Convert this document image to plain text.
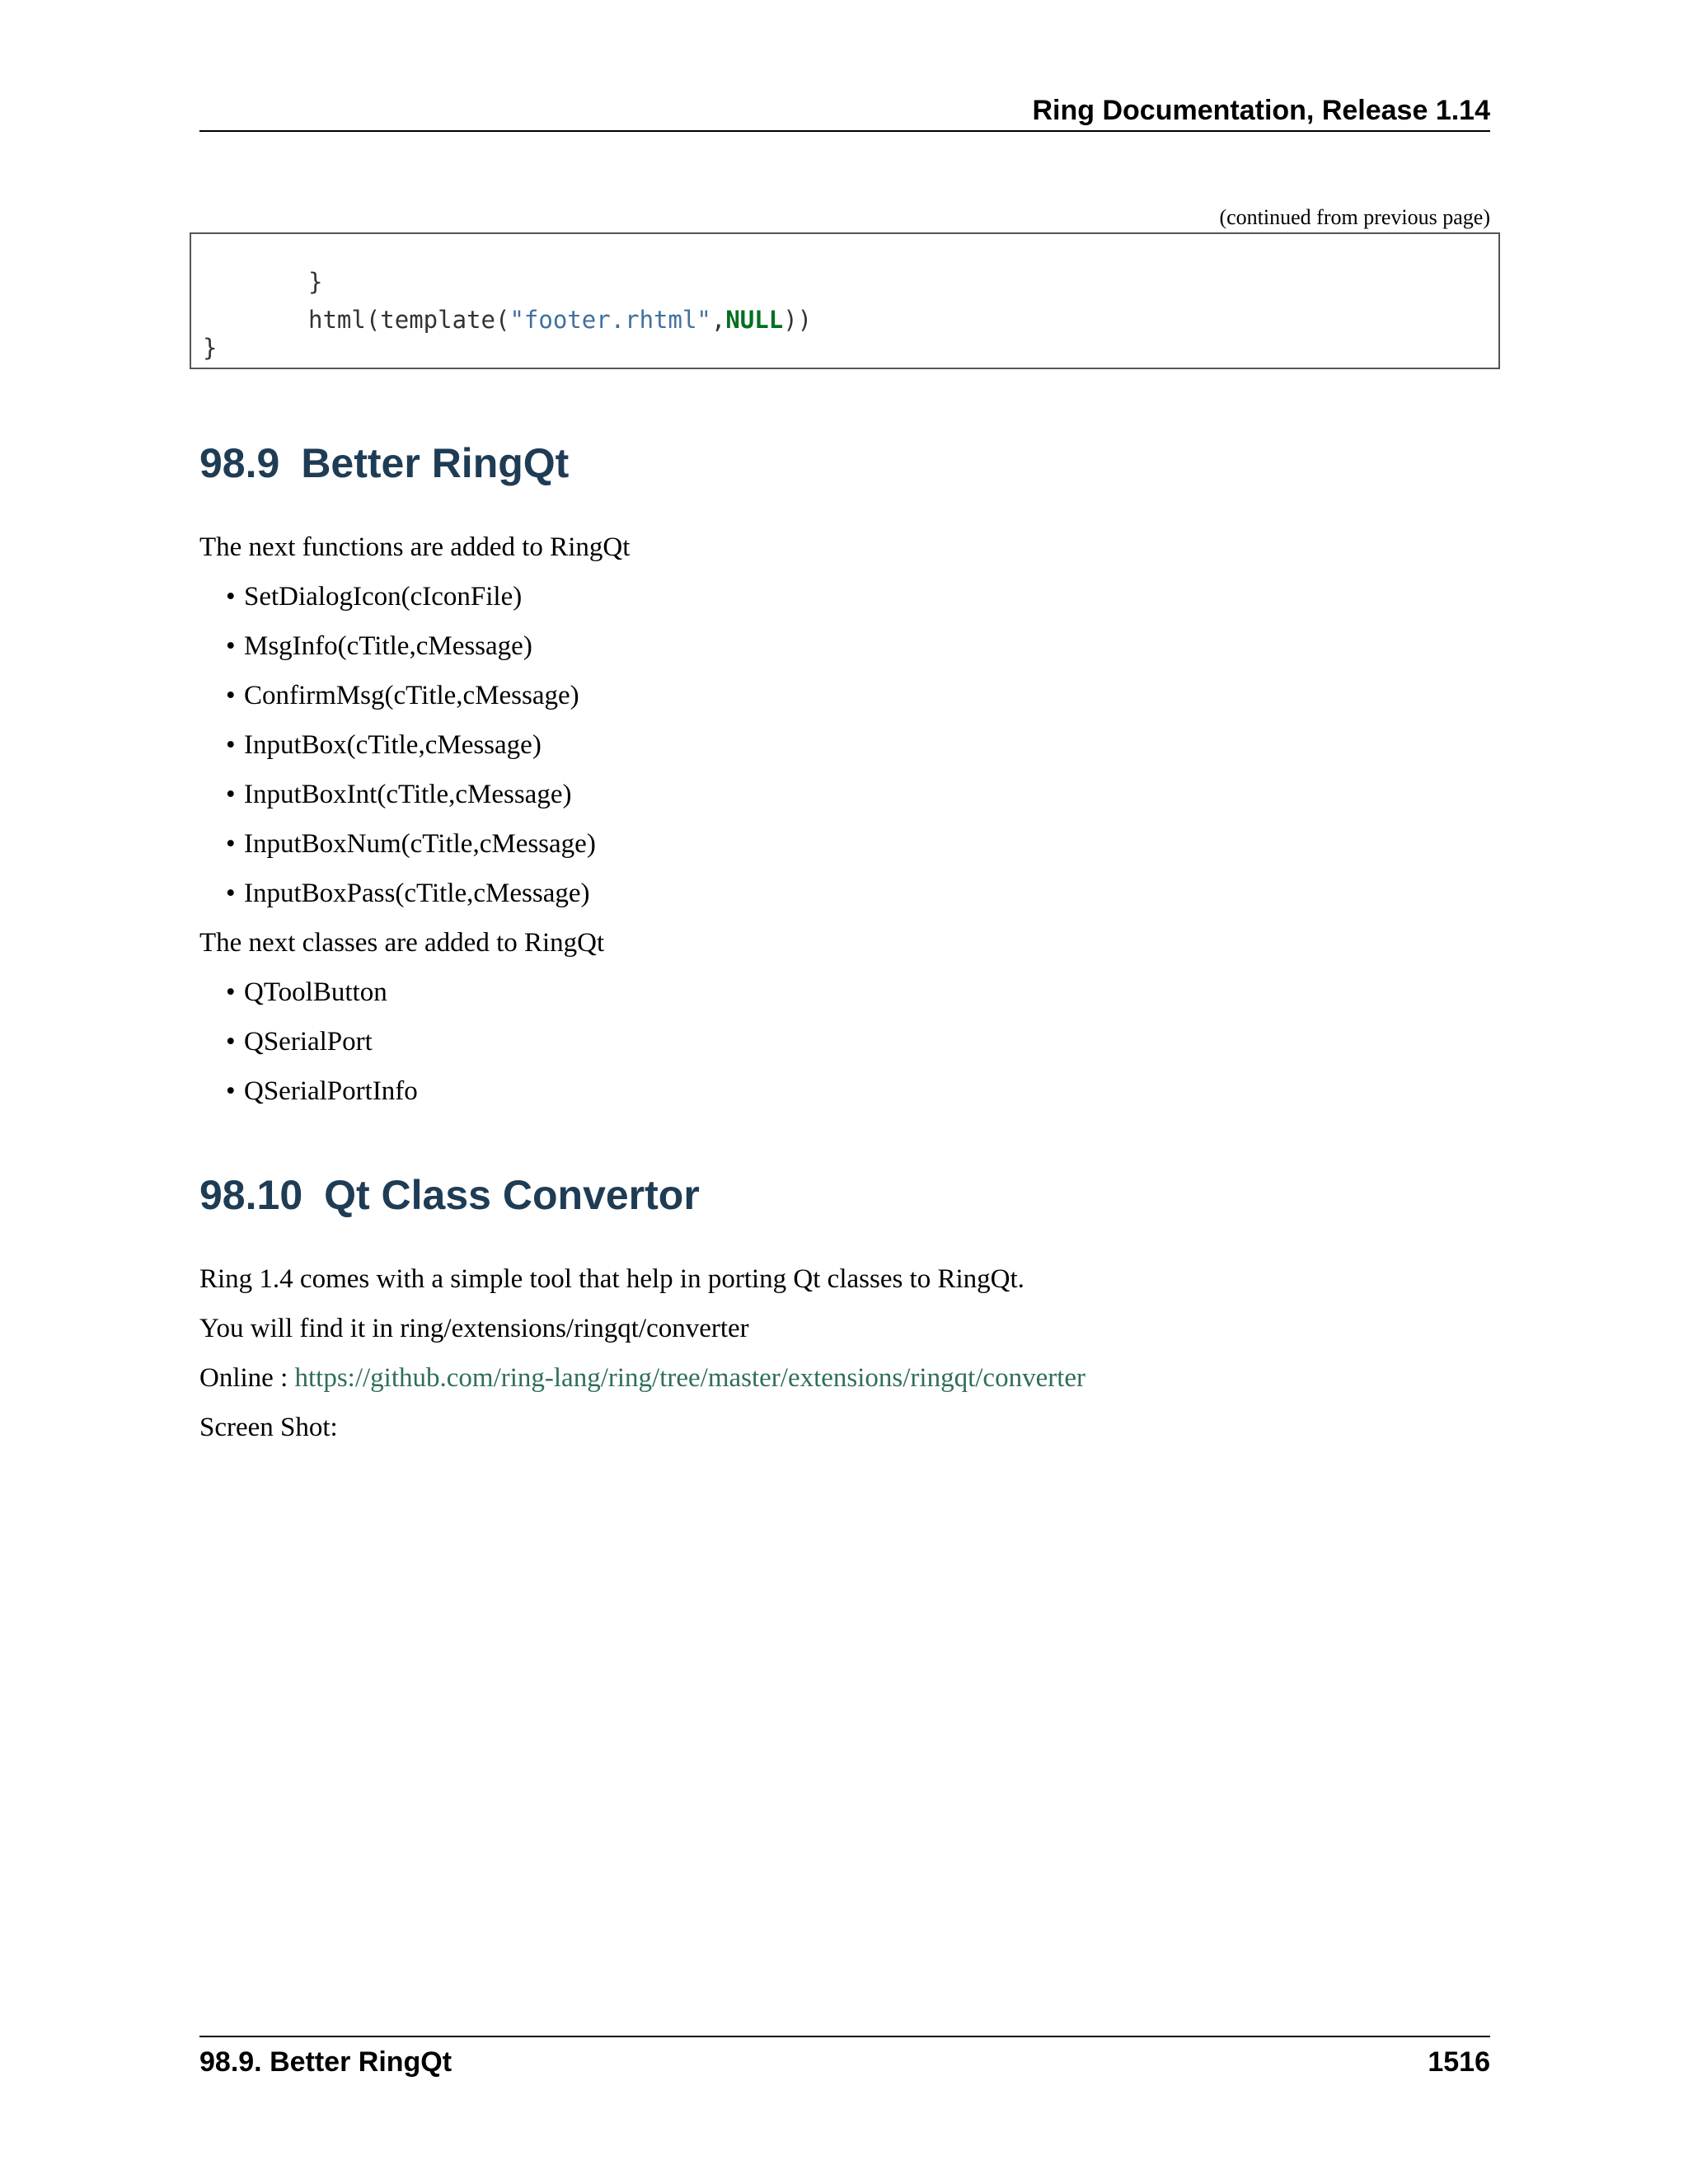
Ring Documentation, Release 1.14
(continued from previous page)
}
html(template("footer.rhtml",NULL))
}
98.9 Better RingQt

The next functions are added to RingQt

• SetDialogIcon(cIconFile)
• MsgInfo(cTitle,cMessage)
• ConfirmMsg(cTitle,cMessage)
• InputBox(cTitle,cMessage)
• InputBoxInt(cTitle,cMessage)
• InputBoxNum(cTitle,cMessage)
• InputBoxPass(cTitle,cMessage)

The next classes are added to RingQt

• QToolButton
• QSerialPort
• QSerialPortInfo
98.10 Qt Class Convertor

Ring 1.4 comes with a simple tool that help in porting Qt classes to RingQt.

You will find it in ring/extensions/ringqt/converter

Online : https://github.com/ring-lang/ring/tree/master/extensions/ringqt/converter

Screen Shot:

98.9. Better RingQt	1516
